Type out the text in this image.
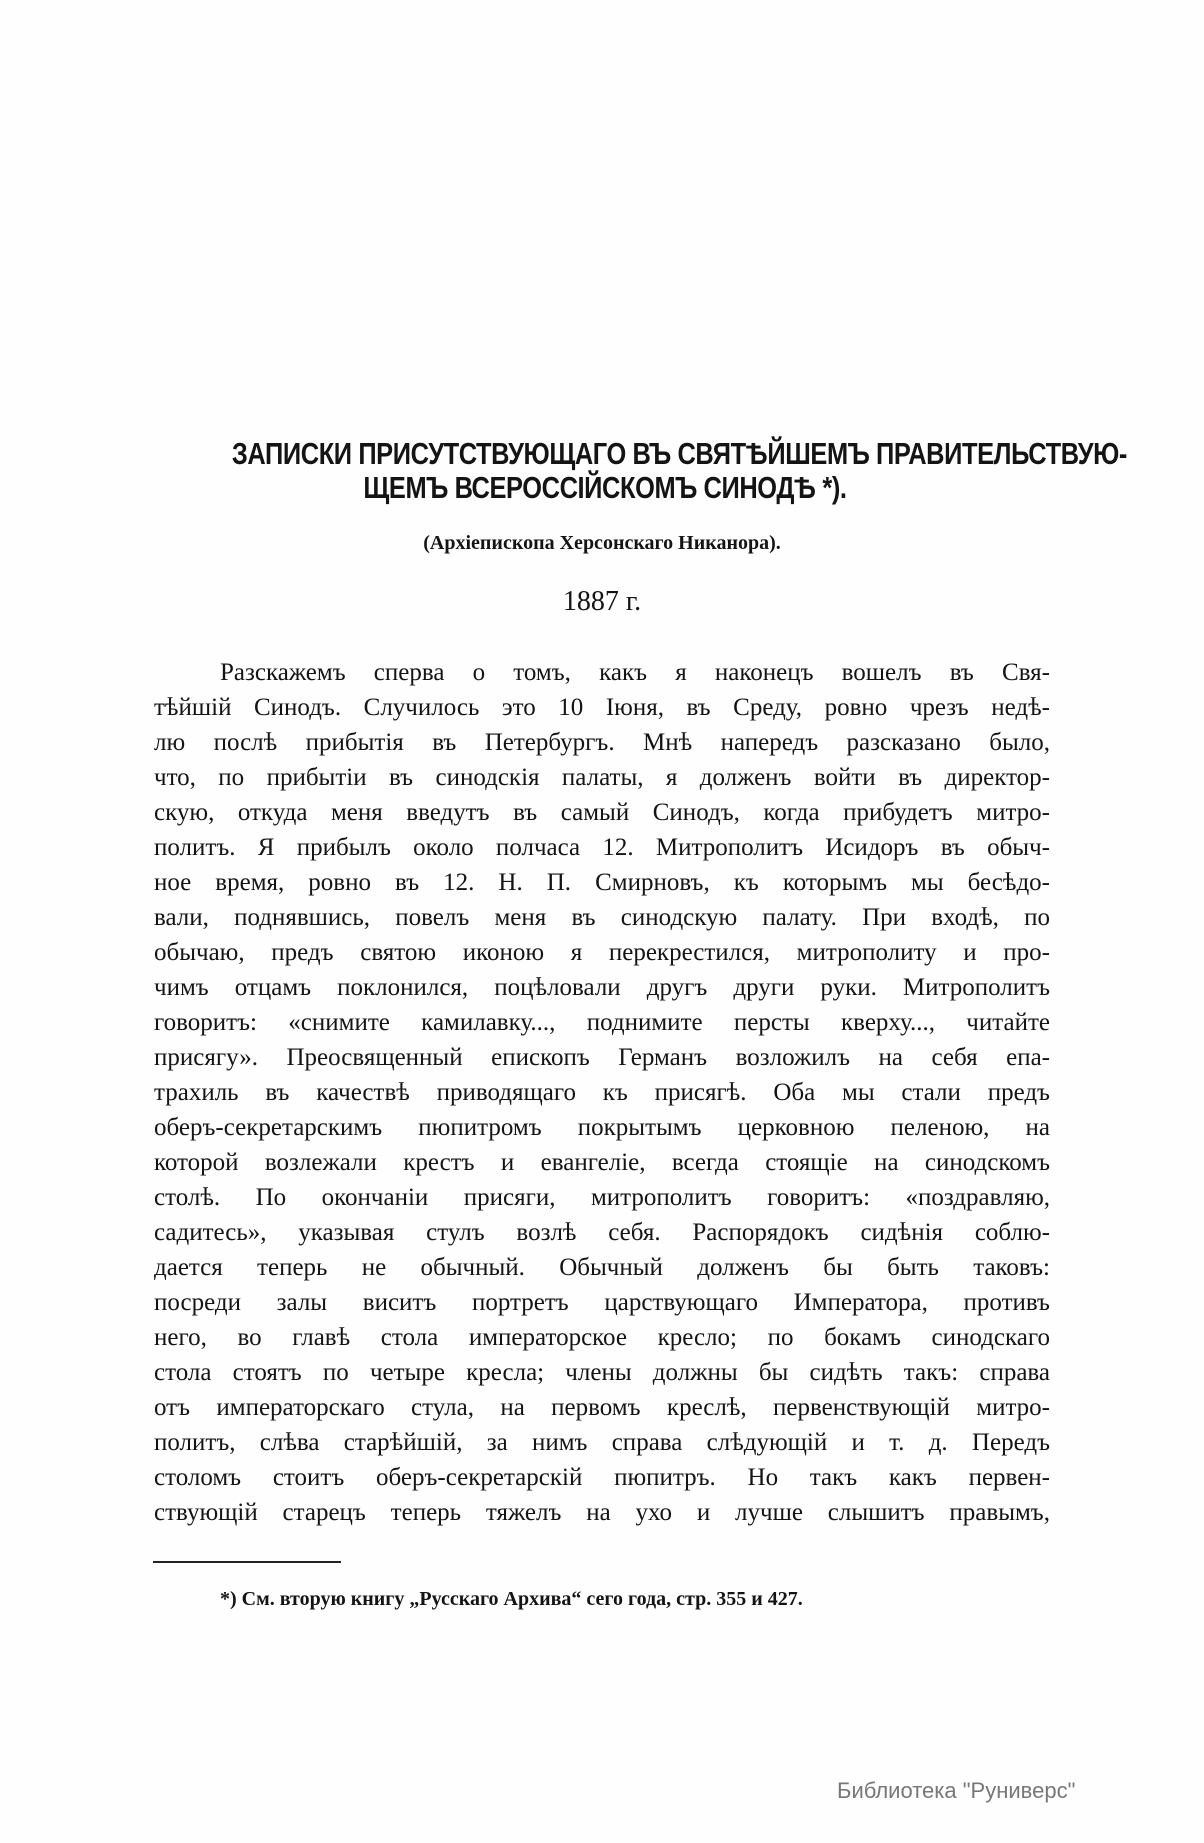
ЗАПИСКИ ПРИСУТСТВУЮЩАГО ВЪ СВЯТѢЙШЕМЪ ПРАВИТЕЛЬСТВУЮ-
ЩЕМЪ ВСЕРОССІЙСКОМЪ СИНОДѢ *).
(Архіепископа Херсонскаго Никанора).
1887 г.
Разскажемъ сперва о томъ, какъ я наконецъ вошелъ въ Свя-
тѣйшій Синодъ. Случилось это 10 Іюня, въ Среду, ровно чрезъ недѣ-
лю послѣ прибытія въ Петербургъ. Мнѣ напередъ разсказано было,
что, по прибытіи въ синодскія палаты, я долженъ войти въ директор-
скую, откуда меня введутъ въ самый Синодъ, когда прибудетъ митро-
политъ. Я прибылъ около полчаса 12. Митрополитъ Исидоръ въ обыч-
ное время, ровно въ 12. Н. П. Смирновъ, къ которымъ мы бесѣдо-
вали, поднявшись, повелъ меня въ синодскую палату. При входѣ, по
обычаю, предъ святою иконою я перекрестился, митрополиту и про-
чимъ отцамъ поклонился, поцѣловали другъ други руки. Митрополитъ
говоритъ: «снимите камилавку..., поднимите персты кверху..., читайте
присягу». Преосвященный епископъ Германъ возложилъ на себя епа-
трахиль въ качествѣ приводящаго къ присягѣ. Оба мы стали предъ
оберъ-секретарскимъ пюпитромъ покрытымъ церковною пеленою, на
которой возлежали крестъ и евангеліе, всегда стоящіе на синодскомъ
столѣ. По окончаніи присяги, митрополитъ говоритъ: «поздравляю,
садитесь», указывая стулъ возлѣ себя. Распорядокъ сидѣнія соблю-
дается теперь не обычный. Обычный долженъ бы быть таковъ:
посреди залы виситъ портретъ царствующаго Императора, противъ
него, во главѣ стола императорское кресло; по бокамъ синодскаго
стола стоятъ по четыре кресла; члены должны бы сидѣть такъ: справа
отъ императорскаго стула, на первомъ креслѣ, первенствующій митро-
политъ, слѣва старѣйшій, за нимъ справа слѣдующій и т. д. Передъ
столомъ стоитъ оберъ-секретарскій пюпитръ. Но такъ какъ первен-
ствующій старецъ теперь тяжелъ на ухо и лучше слышитъ правымъ,
*) См. вторую книгу „Русскаго Архива“ сего года, стр. 355 и 427.
Библиотека "Руниверс"
